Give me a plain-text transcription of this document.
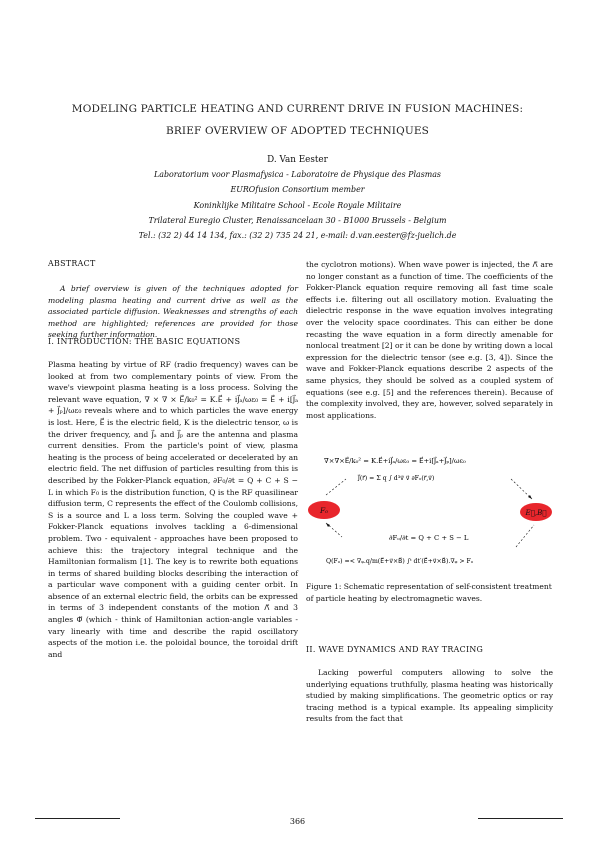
MODELING PARTICLE HEATING AND CURRENT DRIVE IN FUSION MACHINES:
BRIEF OVERVIEW OF ADOPTED TECHNIQUES
D. Van Eester
Laboratorium voor Plasmafysica - Laboratoire de Physique des Plasmas
EUROfusion Consortium member
Koninklijke Militaire School - Ecole Royale Militaire
Trilateral Euregio Cluster, Renaissancelaan 30 - B1000 Brussels - Belgium
Tel.: (32 2) 44 14 134, fax.: (32 2) 735 24 21, e-mail: d.van.eester@fz-juelich.de
ABSTRACT
A brief overview is given of the techniques adopted for modeling plasma heating and current drive as well as the associated particle diffusion. Weaknesses and strengths of each method are highlighted; references are provided for those seeking further information.
I. INTRODUCTION: THE BASIC EQUATIONS
Plasma heating by virtue of RF (radio frequency) waves can be looked at from two complementary points of view. From the wave's viewpoint plasma heating is a loss process. Solving the relevant wave equation, ∇ × ∇ × E⃗/k₀² = K.E⃗ + iJ⃗ₐ/ωε₀ = E⃗ + i[J⃗ₐ + J⃗ₚ]/ωε₀ reveals where and to which particles the wave energy is lost. Here, E⃗ is the electric field, K is the dielectric tensor, ω is the driver frequency, and J⃗ₐ and J⃗ₚ are the antenna and plasma current densities. From the particle's point of view, plasma heating is the process of being accelerated or decelerated by an electric field. The net diffusion of particles resulting from this is described by the Fokker-Planck equation, ∂F₀/∂t = Q + C + S − L in which F₀ is the distribution function, Q is the RF quasilinear diffusion term, C represents the effect of the Coulomb collisions, S is a source and L a loss term. Solving the coupled wave + Fokker-Planck equations involves tackling a 6-dimensional problem. Two - equivalent - approaches have been proposed to achieve this: the trajectory integral technique and the Hamiltonian formalism [1]. The key is to rewrite both equations in terms of shared building blocks describing the interaction of a particular wave component with a guiding center orbit. In absence of an external electric field, the orbits can be expressed in terms of 3 independent constants of the motion Λ⃗ and 3 angles Φ⃗ (which - think of Hamiltonian action-angle variables - vary linearly with time and describe the rapid oscillatory aspects of the motion i.e. the poloidal bounce, the toroidal drift and
the cyclotron motions). When wave power is injected, the Λ⃗ are no longer constant as a function of time. The coefficients of the Fokker-Planck equation require removing all fast time scale effects i.e. filtering out all oscillatory motion. Evaluating the dielectric response in the wave equation involves integrating over the velocity space coordinates. This can either be done recasting the wave equation in a form directly amenable for nonlocal treatment [2] or it can be done by writing down a local expression for the dielectric tensor (see e.g. [3, 4]). Since the wave and Fokker-Planck equations describe 2 aspects of the same physics, they should be solved as a coupled system of equations (see e.g. [5] and the references therein). Because of the complexity involved, they are, however, solved separately in most applications.
∇×∇×E⃗/k₀² = K.E⃗+iJ⃗ₐ/ωε₀ = E⃗+i[J⃗ₐ+J⃗ₚ]/ωε₀
J⃗(r⃗) = Σ q ∫ d³v⃗ v⃗ ∂Fₒ(r⃗,v⃗)
Fₒ	E⃗,B⃗
∂Fₒ/∂t = Q + C + S − L
Q(Fₒ) =< ∇ᵩ.q/m(E⃗+v⃗×B⃗) ∫ᵗ dt′(E⃗+v⃗×B⃗).∇ᵩ > Fₒ
Figure 1: Schematic representation of self-consistent treatment of particle heating by electromagnetic waves.
II. WAVE DYNAMICS AND RAY TRACING
Lacking powerful computers allowing to solve the underlying equations truthfully, plasma heating was historically studied by making simplifications. The geometric optics or ray tracing method is a typical example. Its appealing simplicity results from the fact that
366
